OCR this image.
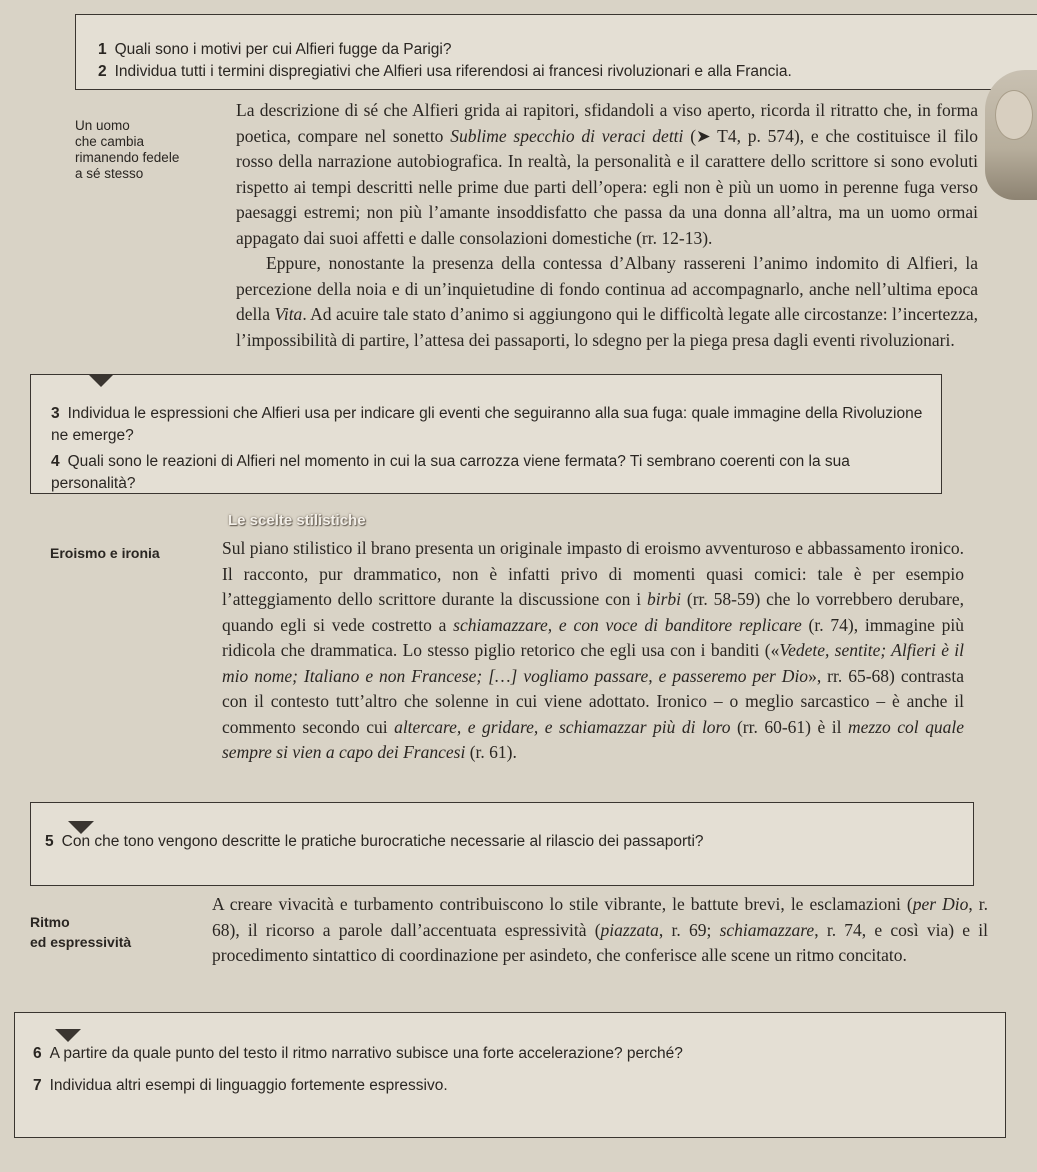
1 Quali sono i motivi per cui Alfieri fugge da Parigi?
2 Individua tutti i termini dispregiativi che Alfieri usa riferendosi ai francesi rivoluzionari e alla Francia.
Un uomo
che cambia
rimanendo fedele
a sé stesso

La descrizione di sé che Alfieri grida ai rapitori, sfidandoli a viso aperto, ricorda il ritratto che, in forma poetica, compare nel sonetto Sublime specchio di veraci detti (➤ T4, p. 574), e che costituisce il filo rosso della narrazione autobiografica. In realtà, la personalità e il carattere dello scrittore si sono evoluti rispetto ai tempi descritti nelle prime due parti dell’opera: egli non è più un uomo in perenne fuga verso paesaggi estremi; non più l’amante insoddisfatto che passa da una donna all’altra, ma un uomo ormai appagato dai suoi affetti e dalle consolazioni domestiche (rr. 12-13).

Eppure, nonostante la presenza della contessa d’Albany rassereni l’animo indomito di Alfieri, la percezione della noia e di un’inquietudine di fondo continua ad accompagnarlo, anche nell’ultima epoca della Vita. Ad acuire tale stato d’animo si aggiungono qui le difficoltà legate alle circostanze: l’incertezza, l’impossibilità di partire, l’attesa dei passaporti, lo sdegno per la piega presa dagli eventi rivoluzionari.

3 Individua le espressioni che Alfieri usa per indicare gli eventi che seguiranno alla sua fuga: quale immagine della Rivoluzione ne emerge?
4 Quali sono le reazioni di Alfieri nel momento in cui la sua carrozza viene fermata? Ti sembrano coerenti con la sua personalità?
Le scelte stilistiche
Eroismo e ironia	Sul piano stilistico il brano presenta un originale impasto di eroismo avventuroso e abbassamento ironico. Il racconto, pur drammatico, non è infatti privo di momenti quasi comici: tale è per esempio l’atteggiamento dello scrittore durante la discussione con i birbi (rr. 58-59) che lo vorrebbero derubare, quando egli si vede costretto a schiamazzare, e con voce di banditore replicare (r. 74), immagine più ridicola che drammatica. Lo stesso piglio retorico che egli usa con i banditi («Vedete, sentite; Alfieri è il mio nome; Italiano e non Francese; […] vogliamo passare, e passeremo per Dio», rr. 65-68) contrasta con il contesto tutt’altro che solenne in cui viene adottato. Ironico – o meglio sarcastico – è anche il commento secondo cui altercare, e gridare, e schiamazzar più di loro (rr. 60-61) è il mezzo col quale sempre si vien a capo dei Francesi (r. 61).

5 Con che tono vengono descritte le pratiche burocratiche necessarie al rilascio dei passaporti?
Ritmo
ed espressività

A creare vivacità e turbamento contribuiscono lo stile vibrante, le battute brevi, le esclamazioni (per Dio, r. 68), il ricorso a parole dall’accentuata espressività (piazzata, r. 69; schiamazzare, r. 74, e così via) e il procedimento sintattico di coordinazione per asindeto, che conferisce alle scene un ritmo concitato.

6 A partire da quale punto del testo il ritmo narrativo subisce una forte accelerazione? perché?
7 Individua altri esempi di linguaggio fortemente espressivo.
